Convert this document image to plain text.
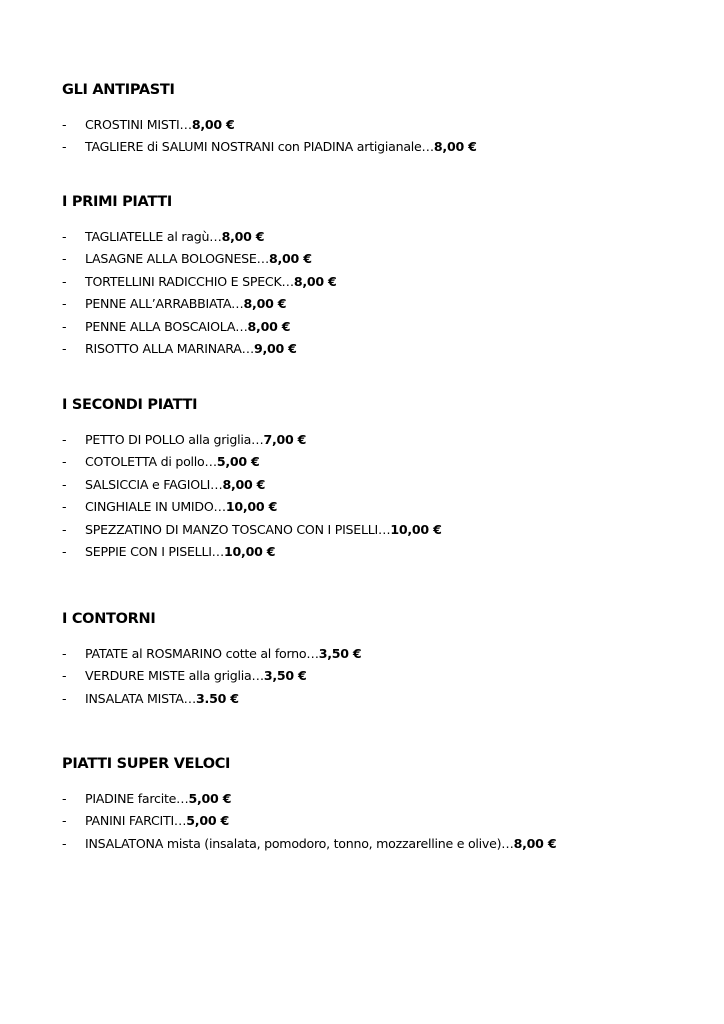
GLI ANTIPASTI
- CROSTINI MISTI…8,00 €
- TAGLIERE di SALUMI NOSTRANI con PIADINA artigianale…8,00 €
I PRIMI PIATTI
- TAGLIATELLE al ragù…8,00 €
- LASAGNE ALLA BOLOGNESE…8,00 €
- TORTELLINI RADICCHIO E SPECK…8,00 €
- PENNE ALL’ARRABBIATA…8,00 €
- PENNE ALLA BOSCAIOLA…8,00 €
- RISOTTO ALLA MARINARA…9,00 €
I SECONDI PIATTI
- PETTO DI POLLO alla griglia…7,00 €
- COTOLETTA di pollo…5,00 €
- SALSICCIA e FAGIOLI…8,00 €
- CINGHIALE IN UMIDO…10,00 €
- SPEZZATINO DI MANZO TOSCANO CON I PISELLI…10,00 €
- SEPPIE CON I PISELLI…10,00 €
I CONTORNI
- PATATE al ROSMARINO cotte al forno…3,50 €
- VERDURE MISTE alla griglia…3,50 €
- INSALATA MISTA…3.50 €
PIATTI SUPER VELOCI
- PIADINE farcite…5,00 €
- PANINI FARCITI…5,00 €
- INSALATONA mista (insalata, pomodoro, tonno, mozzarelline e olive)…8,00 €
